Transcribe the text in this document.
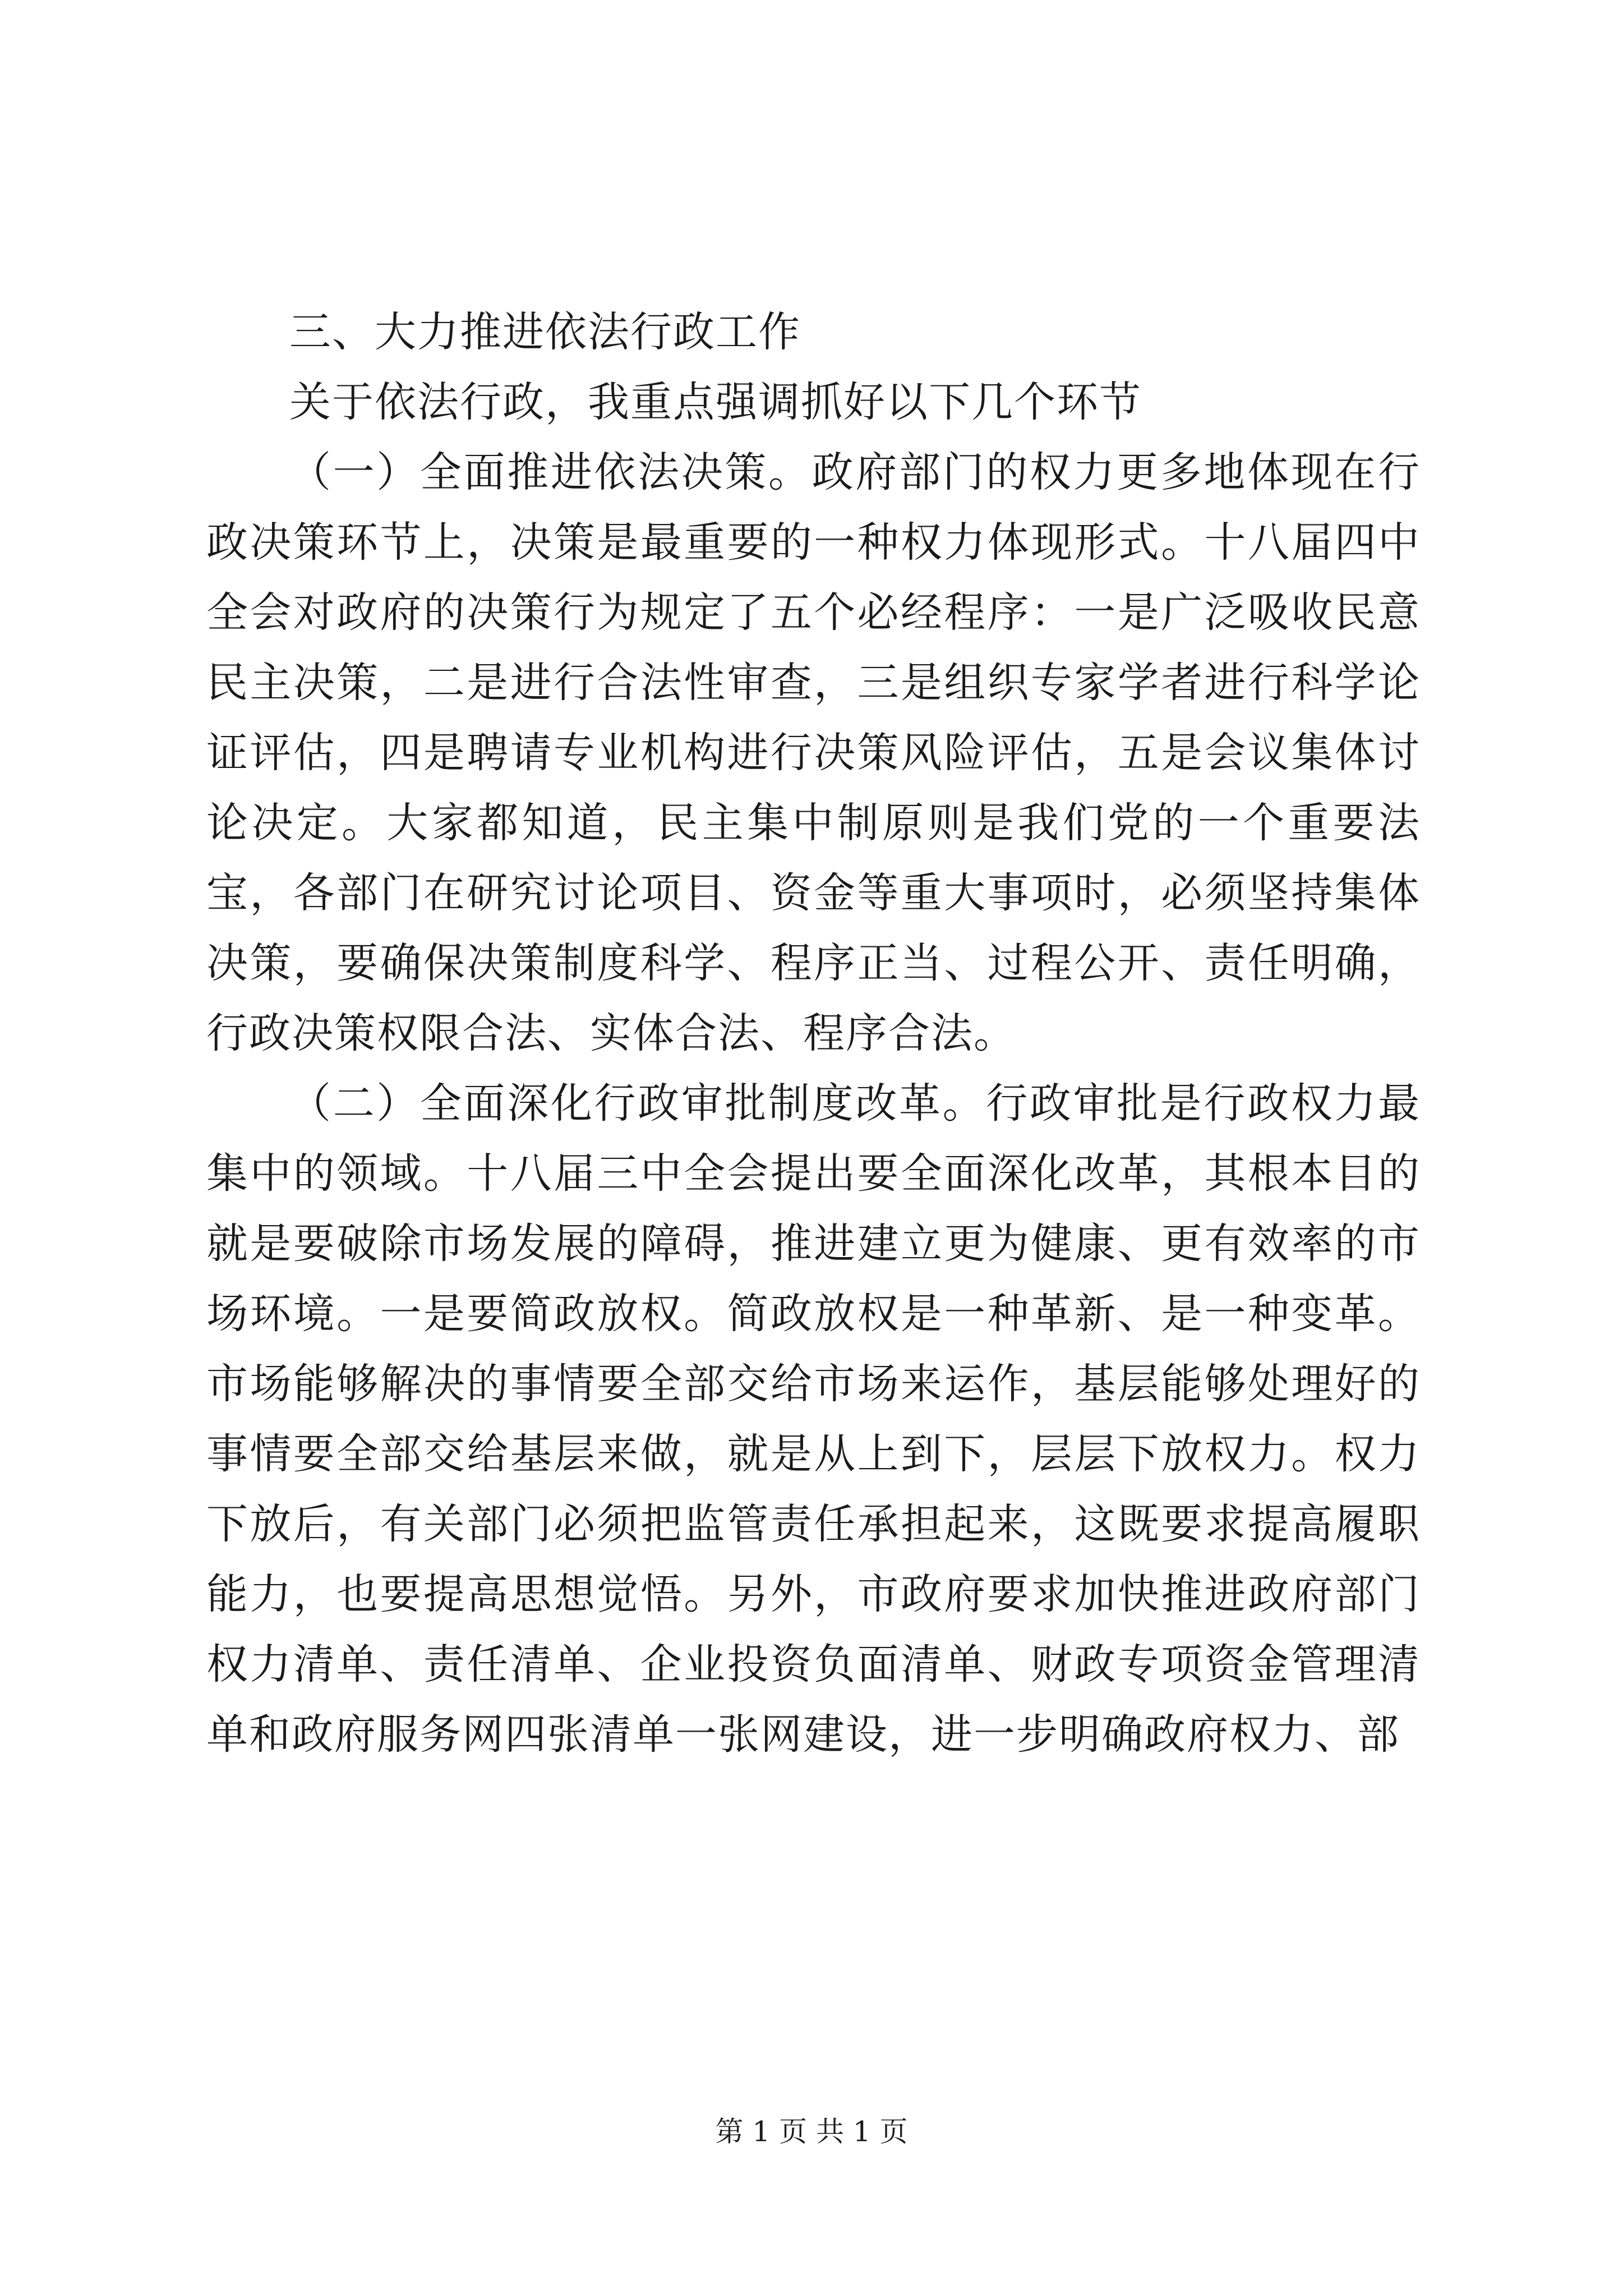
三、大力推进依法行政工作

关于依法行政，我重点强调抓好以下几个环节

（一）全面推进依法决策。政府部门的权力更多地体现在行政决策环节上，决策是最重要的一种权力体现形式。十八届四中全会对政府的决策行为规定了五个必经程序：一是广泛吸收民意民主决策，二是进行合法性审查，三是组织专家学者进行科学论证评估，四是聘请专业机构进行决策风险评估，五是会议集体讨论决定。大家都知道，民主集中制原则是我们党的一个重要法宝，各部门在研究讨论项目、资金等重大事项时，必须坚持集体决策，要确保决策制度科学、程序正当、过程公开、责任明确，行政决策权限合法、实体合法、程序合法。

（二）全面深化行政审批制度改革。行政审批是行政权力最集中的领域。十八届三中全会提出要全面深化改革，其根本目的就是要破除市场发展的障碍，推进建立更为健康、更有效率的市场环境。一是要简政放权。简政放权是一种革新、是一种变革。市场能够解决的事情要全部交给市场来运作，基层能够处理好的事情要全部交给基层来做，就是从上到下，层层下放权力。权力下放后，有关部门必须把监管责任承担起来，这既要求提高履职能力，也要提高思想觉悟。另外，市政府要求加快推进政府部门权力清单、责任清单、企业投资负面清单、财政专项资金管理清单和政府服务网四张清单一张网建设，进一步明确政府权力、部

第 1 页 共 1 页
